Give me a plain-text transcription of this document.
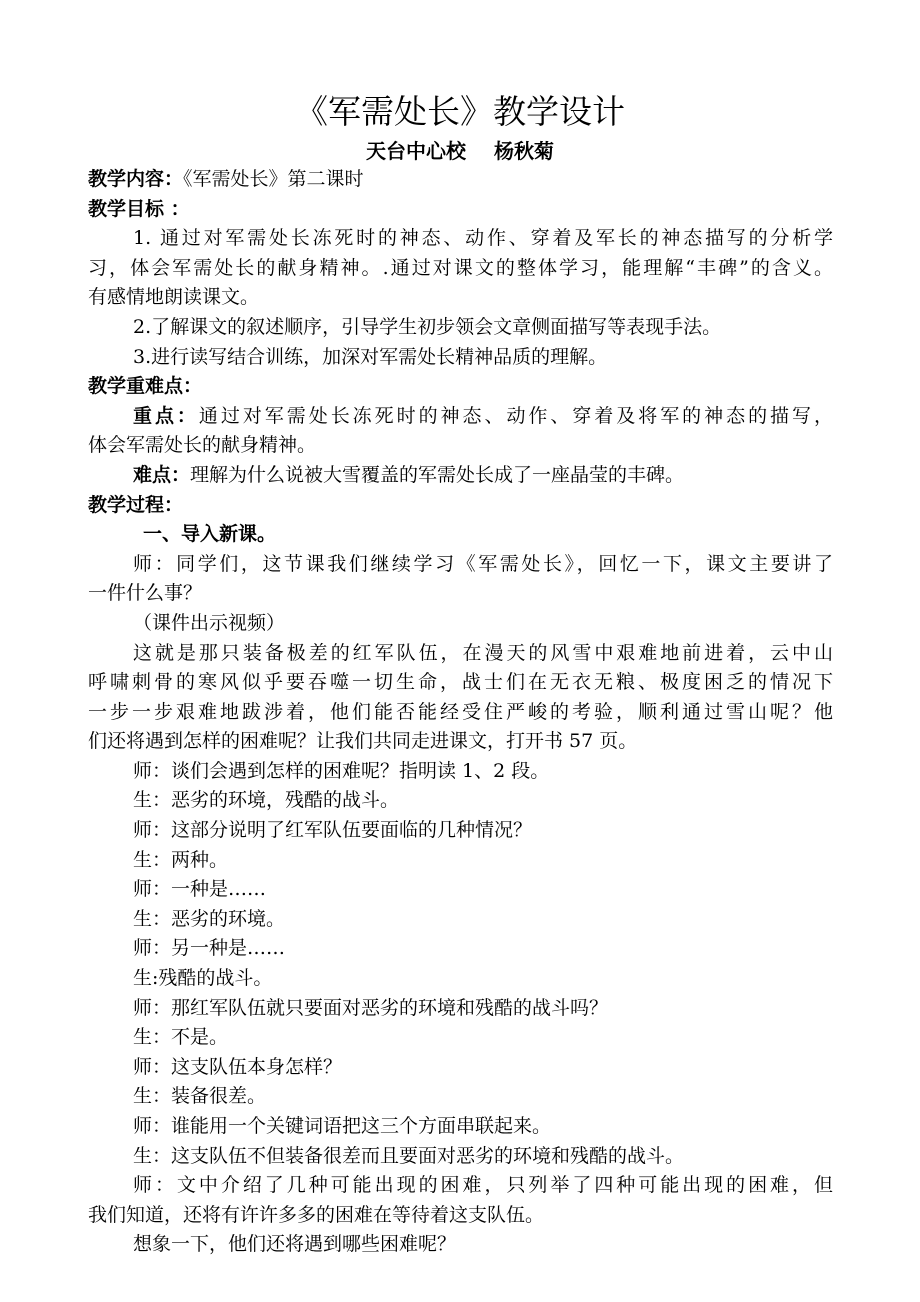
《军需处长》教学设计
天台中心校 杨秋菊
教学内容：《军需处长》第二课时
教学目标 ：
1. 通过对军需处长冻死时的神态、动作、穿着及军长的神态描写的分析学
习，体会军需处长的献身精神。.通过对课文的整体学习，能理解“丰碑”的含义。
有感情地朗读课文。
2.了解课文的叙述顺序，引导学生初步领会文章侧面描写等表现手法。
3.进行读写结合训练，加深对军需处长精神品质的理解。
教学重难点：
重点：通过对军需处长冻死时的神态、动作、穿着及将军的神态的描写，
体会军需处长的献身精神。
难点：理解为什么说被大雪覆盖的军需处长成了一座晶莹的丰碑。
教学过程：
一、导入新课。
师：同学们，这节课我们继续学习《军需处长》，回忆一下，课文主要讲了
一件什么事？
（课件出示视频）
这就是那只装备极差的红军队伍，在漫天的风雪中艰难地前进着，云中山
呼啸刺骨的寒风似乎要吞噬一切生命，战士们在无衣无粮、极度困乏的情况下
一步一步艰难地跋涉着，他们能否能经受住严峻的考验，顺利通过雪山呢？他
们还将遇到怎样的困难呢？让我们共同走进课文，打开书 57 页。
师：谈们会遇到怎样的困难呢？指明读 1、2 段。
生：恶劣的环境，残酷的战斗。
师：这部分说明了红军队伍要面临的几种情况？
生：两种。
师：一种是……
生：恶劣的环境。
师：另一种是……
生:残酷的战斗。
师：那红军队伍就只要面对恶劣的环境和残酷的战斗吗？
生：不是。
师：这支队伍本身怎样？
生：装备很差。
师：谁能用一个关键词语把这三个方面串联起来。
生：这支队伍不但装备很差而且要面对恶劣的环境和残酷的战斗。
师：文中介绍了几种可能出现的困难，只列举了四种可能出现的困难，但
我们知道，还将有许许多多的困难在等待着这支队伍。
想象一下，他们还将遇到哪些困难呢？
